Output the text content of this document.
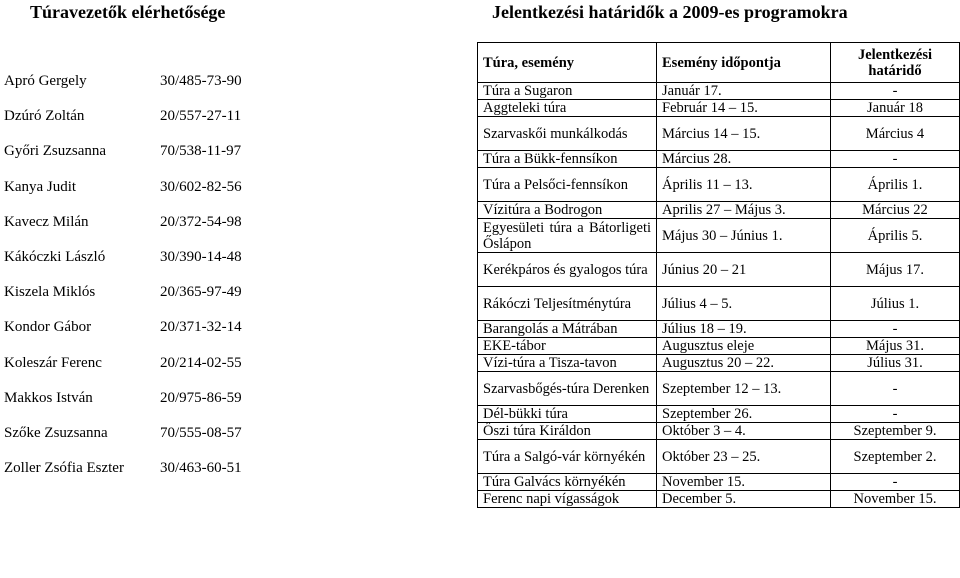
Túravezetők elérhetősége
Apró Gergely	30/485-73-90
Dzúró Zoltán	20/557-27-11
Győri Zsuzsanna	70/538-11-97
Kanya Judit	30/602-82-56
Kavecz Milán	20/372-54-98
Kákóczki László	30/390-14-48
Kiszela Miklós	20/365-97-49
Kondor Gábor	20/371-32-14
Koleszár Ferenc	20/214-02-55
Makkos István	20/975-86-59
Szőke Zsuzsanna	70/555-08-57
Zoller Zsófia Eszter	30/463-60-51
Jelentkezési határidők a 2009-es programokra
Túra, esemény	Esemény időpontja	Jelentkezési határidő
Túra a Sugaron	Január 17.	-
Aggteleki túra	Február 14 – 15.	Január 18
Szarvaskői munkálkodás	Március 14 – 15.	Március 4
Túra a Bükk-fennsíkon	Március 28.	-
Túra a Pelsőci-fennsíkon	Április 11 – 13.	Április 1.
Vízitúra a Bodrogon	Aprilis 27 – Május 3.	Március 22
Egyesületi túra a Bátorligeti Őslápon	Május 30 – Június 1.	Április 5.
Kerékpáros és gyalogos túra	Június 20 – 21	Május 17.
Rákóczi Teljesítménytúra	Július 4 – 5.	Július 1.
Barangolás a Mátrában	Július 18 – 19.	-
EKE-tábor	Augusztus eleje	Május 31.
Vízi-túra a Tisza-tavon	Augusztus 20 – 22.	Július 31.
Szarvasbőgés-túra Derenken	Szeptember 12 – 13.	-
Dél-bükki túra	Szeptember 26.	-
Őszi túra Királdon	Október 3 – 4.	Szeptember 9.
Túra a Salgó-vár környékén	Október 23 – 25.	Szeptember 2.
Túra Galvács környékén	November 15.	-
Ferenc napi vígasságok	December 5.	November 15.
